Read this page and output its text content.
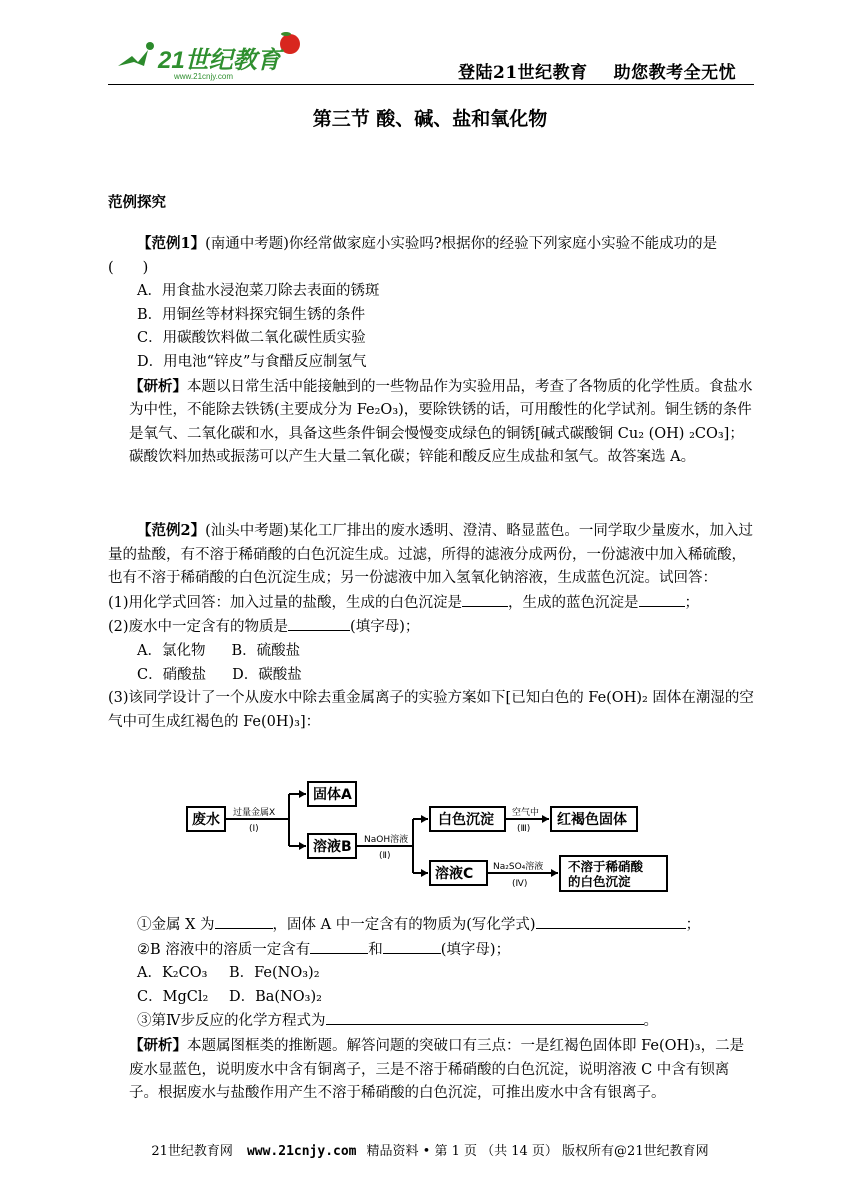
21世纪教育
www.21cnjy.com	登陆21世纪教育 助您教考全无忧
第三节 酸、碱、盐和氧化物
范例探究

【范例1】(南通中考题)你经常做家庭小实验吗?根据你的经验下列家庭小实验不能成功的是　　　　　(　　)

A．用食盐水浸泡菜刀除去表面的锈斑

B．用铜丝等材料探究铜生锈的条件

C．用碳酸饮料做二氧化碳性质实验

D．用电池“锌皮”与食醋反应制氢气

【研析】本题以日常生活中能接触到的一些物品作为实验用品，考查了各物质的化学性质。食盐水为中性，不能除去铁锈(主要成分为 Fe₂O₃)，要除铁锈的话，可用酸性的化学试剂。铜生锈的条件是氧气、二氧化碳和水，具备这些条件铜会慢慢变成绿色的铜锈[碱式碳酸铜 Cu₂ (OH) ₂CO₃]；碳酸饮料加热或振荡可以产生大量二氧化碳；锌能和酸反应生成盐和氢气。故答案选 A。

【范例2】(汕头中考题)某化工厂排出的废水透明、澄清、略显蓝色。一同学取少量废水，加入过量的盐酸，有不溶于稀硝酸的白色沉淀生成。过滤，所得的滤液分成两份，一份滤液中加入稀硫酸，也有不溶于稀硝酸的白色沉淀生成；另一份滤液中加入氢氧化钠溶液，生成蓝色沉淀。试回答：

(1)用化学式回答：加入过量的盐酸，生成的白色沉淀是	，生成的蓝色沉淀是	；

(2)废水中一定含有的物质是	(填字母)；

A．氯化物 B．硫酸盐

C．硝酸盐 D．碳酸盐

(3)该同学设计了一个从废水中除去重金属离子的实验方案如下[已知白色的 Fe(OH)₂ 固体在潮湿的空气中可生成红褐色的 Fe(0H)₃]：

废水
固体A
溶液B
白色沉淀	红褐色固体
溶液C	不溶于稀硝酸
的白色沉淀
过量金属X
(Ⅰ)
NaOH溶液
(Ⅱ)
空气中
(Ⅲ)
Na₂SO₄溶液
(Ⅳ)

①金属 X 为	，固体 A 中一定含有的物质为(写化学式)	；

②B 溶液中的溶质一定含有	和	(填字母)；

A．K₂CO₃ B．Fe(NO₃)₂

C．MgCl₂ D．Ba(NO₃)₂

③第Ⅳ步反应的化学方程式为	。

【研析】本题属图框类的推断题。解答问题的突破口有三点：一是红褐色固体即 Fe(OH)₃，二是废水显蓝色，说明废水中含有铜离子，三是不溶于稀硝酸的白色沉淀，说明溶液 C 中含有钡离子。根据废水与盐酸作用产生不溶于稀硝酸的白色沉淀，可推出废水中含有银离子。

21世纪教育网 www.21cnjy.com 精品资料 • 第 1 页 （共 14 页） 版权所有@21世纪教育网
